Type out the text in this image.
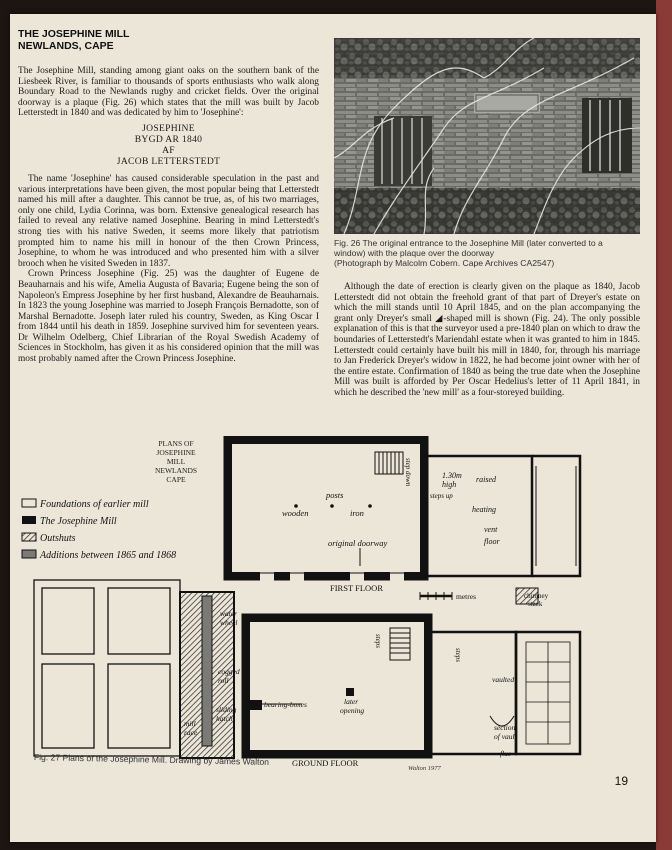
THE JOSEPHINE MILL
NEWLANDS, CAPE

The Josephine Mill, standing among giant oaks on the southern bank of the Liesbeek River, is familiar to thousands of sports enthusiasts who walk along Boundary Road to the Newlands rugby and cricket fields. Over the original doorway is a plaque (Fig. 26) which states that the mill was built by Jacob Letterstedt in 1840 and was dedicated by him to 'Josephine':

JOSEPHINE
BYGD AR 1840
AF
JACOB LETTERSTEDT

The name 'Josephine' has caused considerable speculation in the past and various interpretations have been given, the most popular being that Letterstedt named his mill after a daughter. This cannot be true, as, of his two marriages, only one child, Lydia Corinna, was born. Extensive genealogical research has failed to reveal any relative named Josephine. Bearing in mind Letterstedt's strong ties with his native Sweden, it seems more likely that patriotism prompted him to name his mill in honour of the then Crown Princess, Josephine, to whom he was introduced and who presented him with a silver brooch when he visited Sweden in 1837.

Crown Princess Josephine (Fig. 25) was the daughter of Eugene de Beauharnais and his wife, Amelia Augusta of Bavaria; Eugene being the son of Napoleon's Empress Josephine by her first husband, Alexandre de Beauharnais. In 1823 the young Josephine was married to Joseph François Bernadotte, son of Marshal Bernadotte. Joseph later ruled his country, Sweden, as King Oscar I from 1844 until his death in 1859. Josephine survived him for seventeen years. Dr Wilhelm Odelberg, Chief Librarian of the Royal Swedish Academy of Sciences in Stockholm, has given it as his considered opinion that the mill was most probably named after the Crown Princess Josephine.

Fig. 26 The original entrance to the Josephine Mill (later converted to a
window) with the plaque over the doorway
(Photograph by Malcolm Cobern. Cape Archives CA2547)

Although the date of erection is clearly given on the plaque as 1840, Jacob Letterstedt did not obtain the freehold grant of that part of Dreyer's estate on which the mill stands until 10 April 1845, and on the plan accompanying the grant only Dreyer's small ◢-shaped mill is shown (Fig. 24). The only possible explanation of this is that the surveyor used a pre-1840 plan on which to draw the boundaries of Letterstedt's Mariendahl estate when it was granted to him in 1845. Letterstedt could certainly have built his mill in 1840, for, through his marriage to Jan Frederick Dreyer's widow in 1822, he had become joint owner with her of the entire estate. Confirmation of 1840 as being the true date when the Josephine Mill was built is afforded by Per Oscar Hedelius's letter of 11 April 1841, in which he described the 'new mill' as a four-storeyed building.

PLANS OF
JOSEPHINE
MILL
NEWLANDS
CAPE
Foundations of earlier mill
The Josephine Mill
Outshuts
Additions between 1865 and 1868
posts
wooden	iron
original doorway
step down
steps up
FIRST FLOOR
1.30m
high
raised
heating
vent
floor
metres	chimney
stack
water
wheel
cogged
roll
mill
race
sliding
hatch
bearing-boxes	later
opening
steps
GROUND FLOOR
vaulted
section
of vault
flue
steps
Walton 1977
Fig. 27 Plans of the Josephine Mill. Drawing by James Walton
19
